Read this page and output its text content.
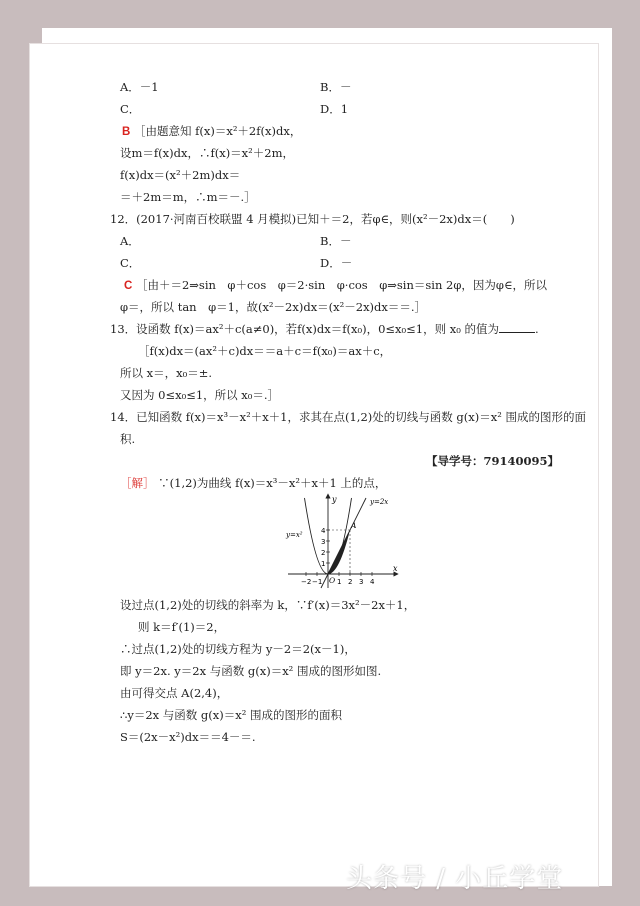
A．－1	B．－
C．	D．1
B ［由题意知 f(x)＝x²＋2f(x)dx，
设m＝f(x)dx，∴f(x)＝x²＋2m，
f(x)dx＝(x²＋2m)dx＝
＝＋2m＝m，∴m＝－.］
12．(2017·河南百校联盟 4 月模拟)已知＋＝2，若φ∈，则(x²－2x)dx＝(　　)
A．	B．－
C．	D．－
C ［由＋＝2⇒sin　φ＋cos　φ＝2·sin　φ·cos　φ⇒sin＝sin 2φ，因为φ∈，所以
φ＝，所以 tan　φ＝1，故(x²－2x)dx＝(x²－2x)dx＝＝.］
13．设函数 f(x)＝ax²＋c(a≠0)，若f(x)dx＝f(x₀)，0≤x₀≤1，则 x₀ 的值为	.
［f(x)dx＝(ax²＋c)dx＝＝a＋c＝f(x₀)＝ax＋c，
所以 x＝，x₀＝±.
又因为 0≤x₀≤1，所以 x₀＝.］
14．已知函数 f(x)＝x³－x²＋x＋1，求其在点(1,2)处的切线与函数 g(x)＝x² 围成的图形的面
积.
【导学号：79140095】
［解］ ∵(1,2)为曲线 f(x)＝x³－x²＋x＋1 上的点，
y
x
O
A
y=2x
y=x²
−2 −1 1 2 3 4
1
2
3
4
设过点(1,2)处的切线的斜率为 k，∵f′(x)＝3x²－2x＋1，
则 k＝f′(1)＝2，
∴过点(1,2)处的切线方程为 y－2＝2(x－1)，
即 y＝2x. y＝2x 与函数 g(x)＝x² 围成的图形如图.
由可得交点 A(2,4)，
∴y＝2x 与函数 g(x)＝x² 围成的图形的面积
S＝(2x－x²)dx＝＝4－＝.
头条号 / 小丘学堂
